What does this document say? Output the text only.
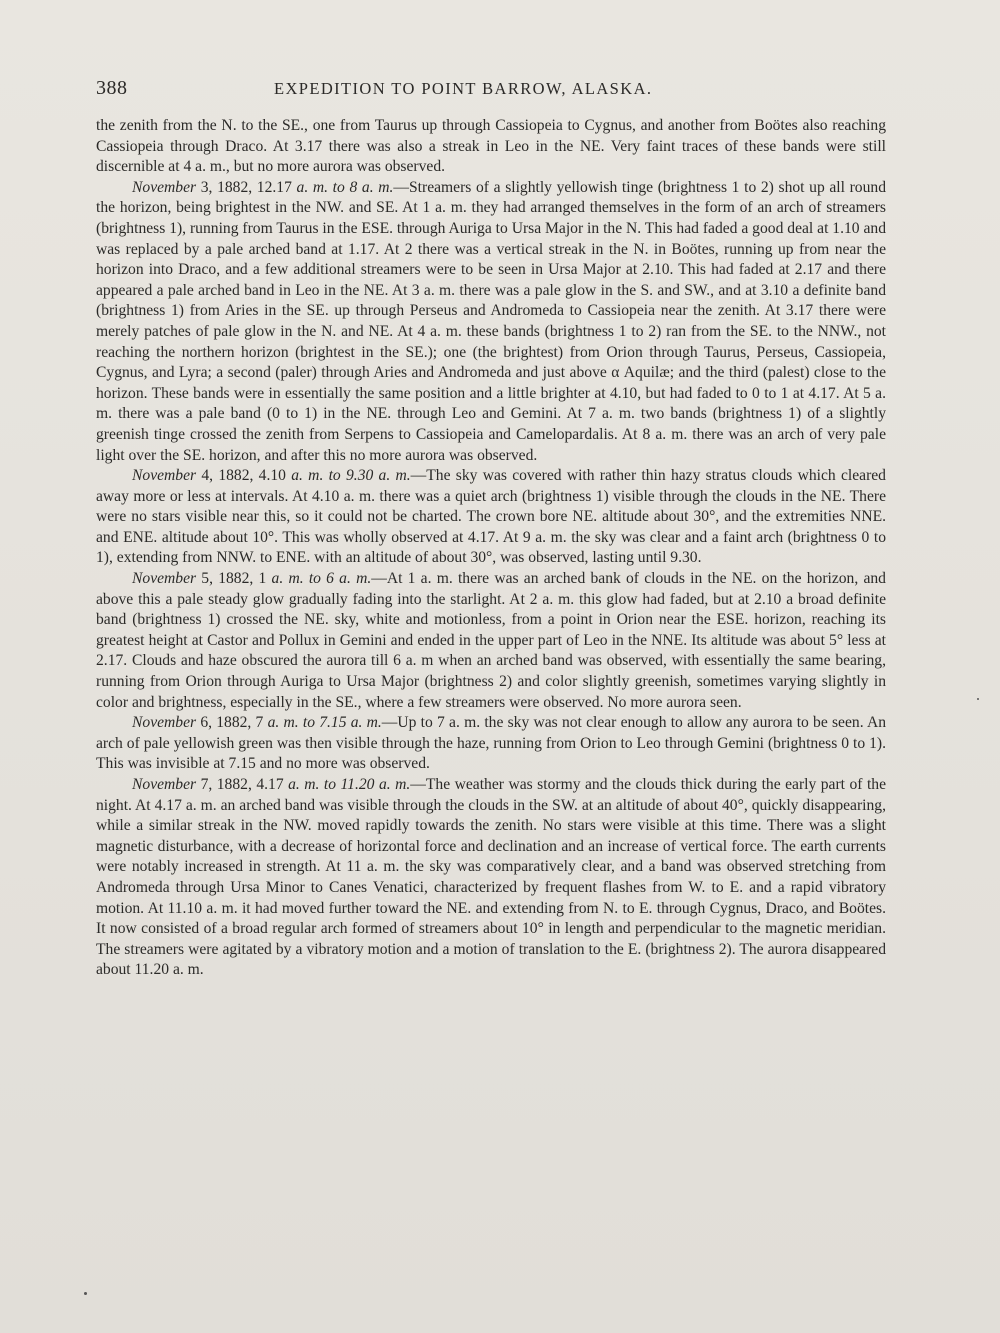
388	EXPEDITION TO POINT BARROW, ALASKA.

the zenith from the N. to the SE., one from Taurus up through Cassiopeia to Cygnus, and another from Boötes also reaching Cassiopeia through Draco. At 3.17 there was also a streak in Leo in the NE. Very faint traces of these bands were still discernible at 4 a. m., but no more aurora was observed.

November 3, 1882, 12.17 a. m. to 8 a. m.—Streamers of a slightly yellowish tinge (brightness 1 to 2) shot up all round the horizon, being brightest in the NW. and SE. At 1 a. m. they had arranged themselves in the form of an arch of streamers (brightness 1), running from Taurus in the ESE. through Auriga to Ursa Major in the N. This had faded a good deal at 1.10 and was replaced by a pale arched band at 1.17. At 2 there was a vertical streak in the N. in Boötes, running up from near the horizon into Draco, and a few additional streamers were to be seen in Ursa Major at 2.10. This had faded at 2.17 and there appeared a pale arched band in Leo in the NE. At 3 a. m. there was a pale glow in the S. and SW., and at 3.10 a definite band (brightness 1) from Aries in the SE. up through Perseus and Andromeda to Cassiopeia near the zenith. At 3.17 there were merely patches of pale glow in the N. and NE. At 4 a. m. these bands (brightness 1 to 2) ran from the SE. to the NNW., not reaching the northern horizon (brightest in the SE.); one (the brightest) from Orion through Taurus, Perseus, Cassiopeia, Cygnus, and Lyra; a second (paler) through Aries and Andromeda and just above α Aquilæ; and the third (palest) close to the horizon. These bands were in essentially the same position and a little brighter at 4.10, but had faded to 0 to 1 at 4.17. At 5 a. m. there was a pale band (0 to 1) in the NE. through Leo and Gemini. At 7 a. m. two bands (brightness 1) of a slightly greenish tinge crossed the zenith from Serpens to Cassiopeia and Camelopardalis. At 8 a. m. there was an arch of very pale light over the SE. horizon, and after this no more aurora was observed.

November 4, 1882, 4.10 a. m. to 9.30 a. m.—The sky was covered with rather thin hazy stratus clouds which cleared away more or less at intervals. At 4.10 a. m. there was a quiet arch (brightness 1) visible through the clouds in the NE. There were no stars visible near this, so it could not be charted. The crown bore NE. altitude about 30°, and the extremities NNE. and ENE. altitude about 10°. This was wholly observed at 4.17. At 9 a. m. the sky was clear and a faint arch (brightness 0 to 1), extending from NNW. to ENE. with an altitude of about 30°, was observed, lasting until 9.30.

November 5, 1882, 1 a. m. to 6 a. m.—At 1 a. m. there was an arched bank of clouds in the NE. on the horizon, and above this a pale steady glow gradually fading into the starlight. At 2 a. m. this glow had faded, but at 2.10 a broad definite band (brightness 1) crossed the NE. sky, white and motionless, from a point in Orion near the ESE. horizon, reaching its greatest height at Castor and Pollux in Gemini and ended in the upper part of Leo in the NNE. Its altitude was about 5° less at 2.17. Clouds and haze obscured the aurora till 6 a. m when an arched band was observed, with essentially the same bearing, running from Orion through Auriga to Ursa Major (brightness 2) and color slightly greenish, sometimes varying slightly in color and brightness, especially in the SE., where a few streamers were observed. No more aurora seen.

November 6, 1882, 7 a. m. to 7.15 a. m.—Up to 7 a. m. the sky was not clear enough to allow any aurora to be seen. An arch of pale yellowish green was then visible through the haze, running from Orion to Leo through Gemini (brightness 0 to 1). This was invisible at 7.15 and no more was observed.

November 7, 1882, 4.17 a. m. to 11.20 a. m.—The weather was stormy and the clouds thick during the early part of the night. At 4.17 a. m. an arched band was visible through the clouds in the SW. at an altitude of about 40°, quickly disappearing, while a similar streak in the NW. moved rapidly towards the zenith. No stars were visible at this time. There was a slight magnetic disturbance, with a decrease of horizontal force and declination and an increase of vertical force. The earth currents were notably increased in strength. At 11 a. m. the sky was comparatively clear, and a band was observed stretching from Andromeda through Ursa Minor to Canes Venatici, characterized by frequent flashes from W. to E. and a rapid vibratory motion. At 11.10 a. m. it had moved further toward the NE. and extending from N. to E. through Cygnus, Draco, and Boötes. It now consisted of a broad regular arch formed of streamers about 10° in length and perpendicular to the magnetic meridian. The streamers were agitated by a vibratory motion and a motion of translation to the E. (brightness 2). The aurora disappeared about 11.20 a. m.
